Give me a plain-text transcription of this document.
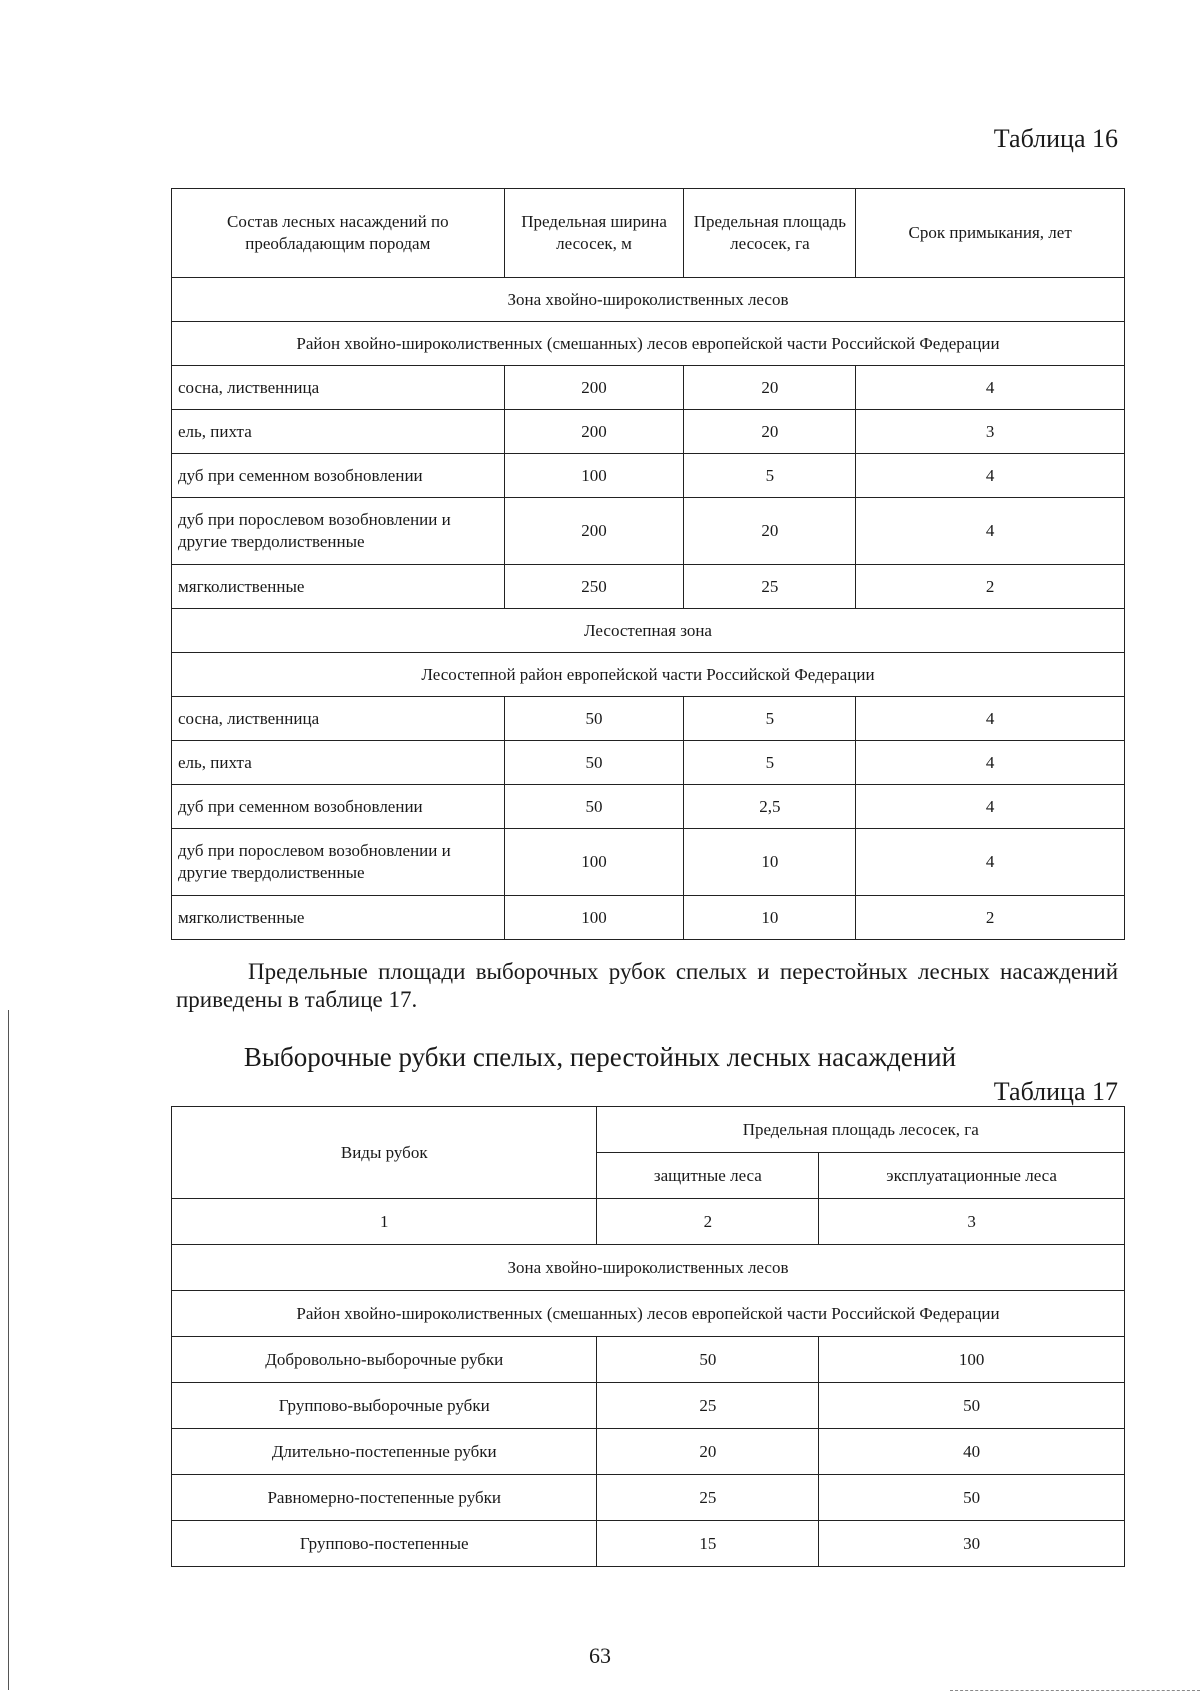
Таблица 16
Состав лесных насаждений по преобладающим породам	Предельная ширина лесосек, м	Предельная площадь лесосек, га	Срок примыкания, лет
Зона хвойно-широколиственных лесов			
Район хвойно-широколиственных (смешанных) лесов европейской части Российской Федерации			
сосна, лиственница	200	20	4
ель, пихта	200	20	3
дуб при семенном возобновлении	100	5	4
дуб при порослевом возобновлении и другие твердолиственные	200	20	4
мягколиственные	250	25	2
Лесостепная зона			
Лесостепной район европейской части Российской Федерации			
сосна, лиственница	50	5	4
ель, пихта	50	5	4
дуб при семенном возобновлении	50	2,5	4
дуб при порослевом возобновлении и другие твердолиственные	100	10	4
мягколиственные	100	10	2
Предельные площади выборочных рубок спелых и перестойных лесных насаждений
приведены в таблице 17.
Выборочные рубки спелых, перестойных лесных насаждений
Таблица 17
Виды рубок	Предельная площадь лесосек, га	
	защитные леса	эксплуатационные леса
1	2	3
Зона хвойно-широколиственных лесов		
Район хвойно-широколиственных (смешанных) лесов европейской части Российской Федерации		
Добровольно-выборочные рубки	50	100
Группово-выборочные рубки	25	50
Длительно-постепенные рубки	20	40
Равномерно-постепенные рубки	25	50
Группово-постепенные	15	30
63
